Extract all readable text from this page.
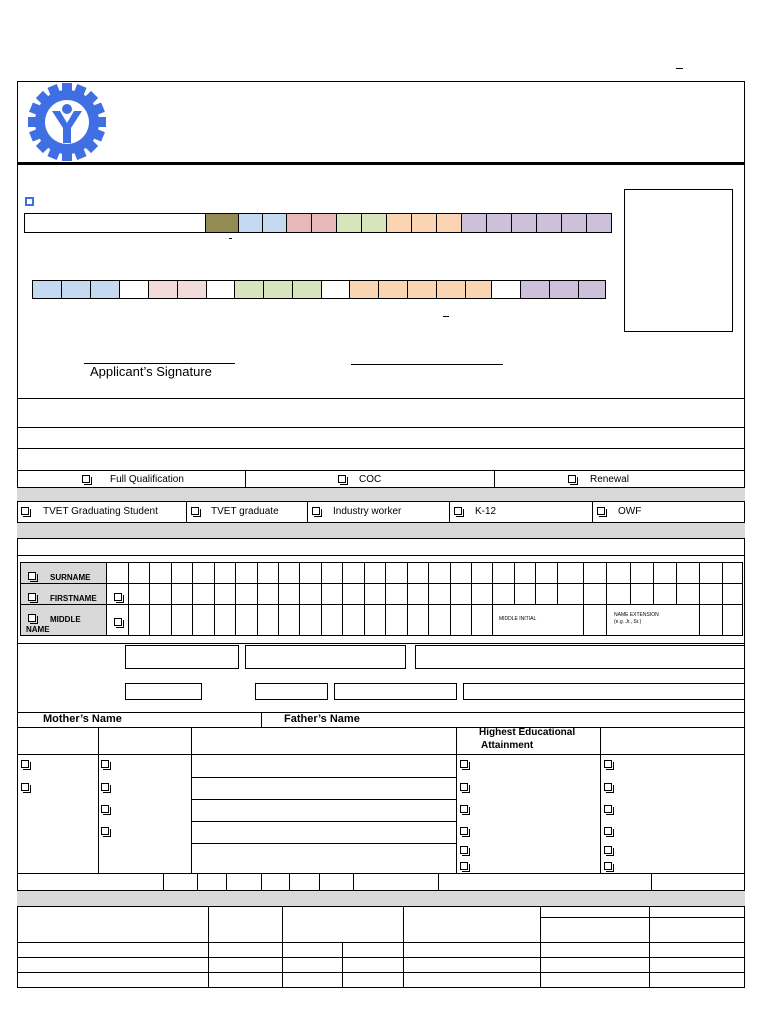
Applicant’s Signature
Full Qualification	COC	Renewal
TVET Graduating Student	TVET graduate	Industry worker	K-12	OWF
SURNAME
FIRSTNAME
MIDDLE
NAME
MIDDLE INITIAL
NAME EXTENSION
(e.g. Jr., Sr.)
Mother’s Name	Father’s Name
Highest Educational
Attainment
